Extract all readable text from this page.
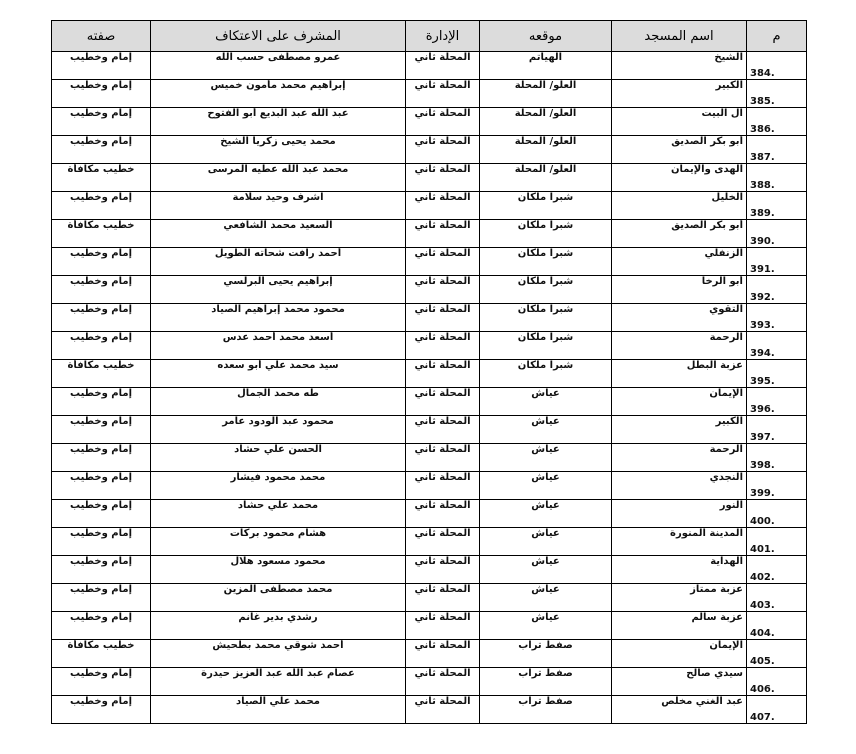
م	اسم المسجد	موقعه	الإدارة	المشرف على الاعتكاف	صفته
384.	الشيخ	الهياتم	المحلة ثاني	عمرو مصطفى حسب الله	إمام وخطيب
385.	الكبير	العلو/ المحلة	المحلة ثاني	إبراهيم محمد مأمون خميس	إمام وخطيب
386.	آل البيت	العلو/ المحلة	المحلة ثاني	عبد الله عبد البديع أبو الفتوح	إمام وخطيب
387.	أبو بكر الصديق	العلو/ المحلة	المحلة ثاني	محمد يحيى زكريا الشيخ	إمام وخطيب
388.	الهدى والإيمان	العلو/ المحلة	المحلة ثاني	محمد عبد الله عطيه المرسى	خطيب مكافأة
389.	الخليل	شبرا ملكان	المحلة ثاني	اشرف وحيد سلامة	إمام وخطيب
390.	أبو بكر الصديق	شبرا ملكان	المحلة ثاني	السعيد محمد الشافعي	خطيب مكافأة
391.	الزنفلي	شبرا ملكان	المحلة ثاني	أحمد رافت شحاته الطويل	إمام وخطيب
392.	أبو الرخا	شبرا ملكان	المحلة ثاني	إبراهيم يحيى البرلسي	إمام وخطيب
393.	التقوي	شبرا ملكان	المحلة ثاني	محمود محمد إبراهيم الصياد	إمام وخطيب
394.	الرحمة	شبرا ملكان	المحلة ثاني	أسعد محمد أحمد عدس	إمام وخطيب
395.	عزبة البطل	شبرا ملكان	المحلة ثاني	سيد محمد علي أبو سعده	خطيب مكافأة
396.	الإيمان	عياش	المحلة ثاني	طه محمد الجمال	إمام وخطيب
397.	الكبير	عياش	المحلة ثاني	محمود عبد الودود عامر	إمام وخطيب
398.	الرحمة	عياش	المحلة ثاني	الحسن علي حشاد	إمام وخطيب
399.	النجدي	عياش	المحلة ثاني	محمد محمود فيشار	إمام وخطيب
400.	النور	عياش	المحلة ثاني	محمد علي حشاد	إمام وخطيب
401.	المدينة المنورة	عياش	المحلة ثاني	هشام محمود بركات	إمام وخطيب
402.	الهداية	عياش	المحلة ثاني	محمود مسعود هلال	إمام وخطيب
403.	عزبة ممتاز	عياش	المحلة ثاني	محمد مصطفى المزين	إمام وخطيب
404.	عزبة سالم	عياش	المحلة ثاني	رشدي بدير غانم	إمام وخطيب
405.	الإيمان	صفط تراب	المحلة ثاني	أحمد شوقي محمد بطحيش	خطيب مكافأة
406.	سيدي صالح	صفط تراب	المحلة ثاني	عصام عبد الله عبد العزيز حيدرة	إمام وخطيب
407.	عبد الغني مخلص	صفط تراب	المحلة ثاني	محمد علي الصياد	إمام وخطيب
